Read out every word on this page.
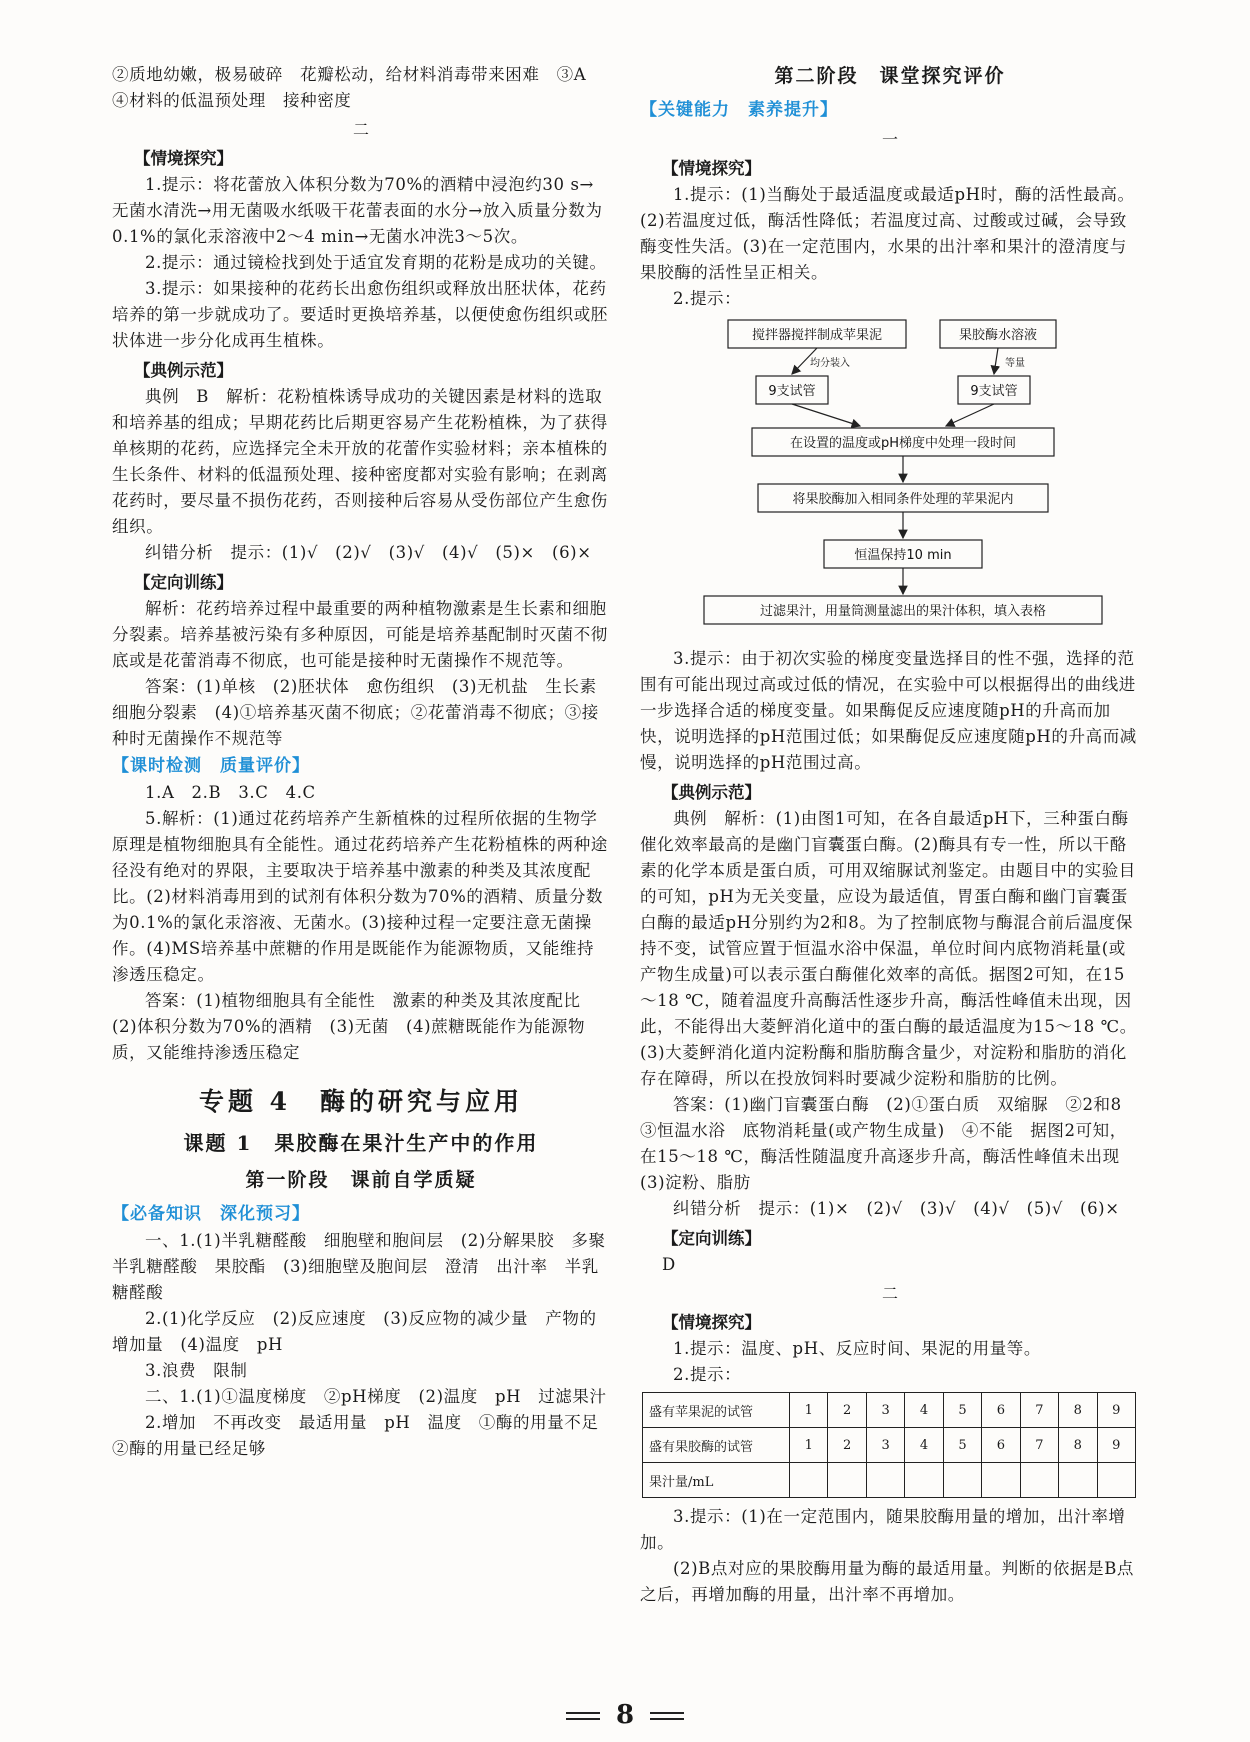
②质地幼嫩，极易破碎　花瓣松动，给材料消毒带来困难　③A　④材料的低温预处理　接种密度

二

【情境探究】

1.提示：将花蕾放入体积分数为70%的酒精中浸泡约30 s→无菌水清洗→用无菌吸水纸吸干花蕾表面的水分→放入质量分数为0.1%的氯化汞溶液中2～4 min→无菌水冲洗3～5次。

2.提示：通过镜检找到处于适宜发育期的花粉是成功的关键。

3.提示：如果接种的花药长出愈伤组织或释放出胚状体，花药培养的第一步就成功了。要适时更换培养基，以便使愈伤组织或胚状体进一步分化成再生植株。

【典例示范】

典例　B　解析：花粉植株诱导成功的关键因素是材料的选取和培养基的组成；早期花药比后期更容易产生花粉植株，为了获得单核期的花药，应选择完全未开放的花蕾作实验材料；亲本植株的生长条件、材料的低温预处理、接种密度都对实验有影响；在剥离花药时，要尽量不损伤花药，否则接种后容易从受伤部位产生愈伤组织。

纠错分析　提示：(1)√　(2)√　(3)√　(4)√　(5)×　(6)×

【定向训练】

解析：花药培养过程中最重要的两种植物激素是生长素和细胞分裂素。培养基被污染有多种原因，可能是培养基配制时灭菌不彻底或是花蕾消毒不彻底，也可能是接种时无菌操作不规范等。

答案：(1)单核　(2)胚状体　愈伤组织　(3)无机盐　生长素　细胞分裂素　(4)①培养基灭菌不彻底；②花蕾消毒不彻底；③接种时无菌操作不规范等

【课时检测　质量评价】

1.A　2.B　3.C　4.C

5.解析：(1)通过花药培养产生新植株的过程所依据的生物学原理是植物细胞具有全能性。通过花药培养产生花粉植株的两种途径没有绝对的界限，主要取决于培养基中激素的种类及其浓度配比。(2)材料消毒用到的试剂有体积分数为70%的酒精、质量分数为0.1%的氯化汞溶液、无菌水。(3)接种过程一定要注意无菌操作。(4)MS培养基中蔗糖的作用是既能作为能源物质，又能维持渗透压稳定。

答案：(1)植物细胞具有全能性　激素的种类及其浓度配比　(2)体积分数为70%的酒精　(3)无菌　(4)蔗糖既能作为能源物质，又能维持渗透压稳定

专题 4　酶的研究与应用
课题 1　果胶酶在果汁生产中的作用
第一阶段　课前自学质疑
【必备知识　深化预习】

一、1.(1)半乳糖醛酸　细胞壁和胞间层　(2)分解果胶　多聚半乳糖醛酸　果胶酯　(3)细胞壁及胞间层　澄清　出汁率　半乳糖醛酸

2.(1)化学反应　(2)反应速度　(3)反应物的减少量　产物的增加量　(4)温度　pH

3.浪费　限制

二、1.(1)①温度梯度　②pH梯度　(2)温度　pH　过滤果汁

2.增加　不再改变　最适用量　pH　温度　①酶的用量不足　②酶的用量已经足够

第二阶段　课堂探究评价
【关键能力　素养提升】

一

【情境探究】

1.提示：(1)当酶处于最适温度或最适pH时，酶的活性最高。(2)若温度过低，酶活性降低；若温度过高、过酸或过碱，会导致酶变性失活。(3)在一定范围内，水果的出汁率和果汁的澄清度与果胶酶的活性呈正相关。

2.提示：

搅拌器搅拌制成苹果泥	果胶酶水溶液
均分装入	等量
9支试管	9支试管
在设置的温度或pH梯度中处理一段时间
将果胶酶加入相同条件处理的苹果泥内
恒温保持10 min
过滤果汁，用量筒测量滤出的果汁体积，填入表格

3.提示：由于初次实验的梯度变量选择目的性不强，选择的范围有可能出现过高或过低的情况，在实验中可以根据得出的曲线进一步选择合适的梯度变量。如果酶促反应速度随pH的升高而加快，说明选择的pH范围过低；如果酶促反应速度随pH的升高而减慢，说明选择的pH范围过高。

【典例示范】

典例　解析：(1)由图1可知，在各自最适pH下，三种蛋白酶催化效率最高的是幽门盲囊蛋白酶。(2)酶具有专一性，所以干酪素的化学本质是蛋白质，可用双缩脲试剂鉴定。由题目中的实验目的可知，pH为无关变量，应设为最适值，胃蛋白酶和幽门盲囊蛋白酶的最适pH分别约为2和8。为了控制底物与酶混合前后温度保持不变，试管应置于恒温水浴中保温，单位时间内底物消耗量(或产物生成量)可以表示蛋白酶催化效率的高低。据图2可知，在15～18 ℃，随着温度升高酶活性逐步升高，酶活性峰值未出现，因此，不能得出大菱鲆消化道中的蛋白酶的最适温度为15～18 ℃。(3)大菱鲆消化道内淀粉酶和脂肪酶含量少，对淀粉和脂肪的消化存在障碍，所以在投放饲料时要减少淀粉和脂肪的比例。

答案：(1)幽门盲囊蛋白酶　(2)①蛋白质　双缩脲　②2和8　③恒温水浴　底物消耗量(或产物生成量)　④不能　据图2可知，在15～18 ℃，酶活性随温度升高逐步升高，酶活性峰值未出现　(3)淀粉、脂肪

纠错分析　提示：(1)×　(2)√　(3)√　(4)√　(5)√　(6)×

【定向训练】

D

二

【情境探究】

1.提示：温度、pH、反应时间、果泥的用量等。

2.提示：

盛有苹果泥的试管	1	2	3	4	5	6	7	8	9
盛有果胶酶的试管	1	2	3	4	5	6	7	8	9
果汁量/mL									

3.提示：(1)在一定范围内，随果胶酶用量的增加，出汁率增加。

(2)B点对应的果胶酶用量为酶的最适用量。判断的依据是B点之后，再增加酶的用量，出汁率不再增加。

8
